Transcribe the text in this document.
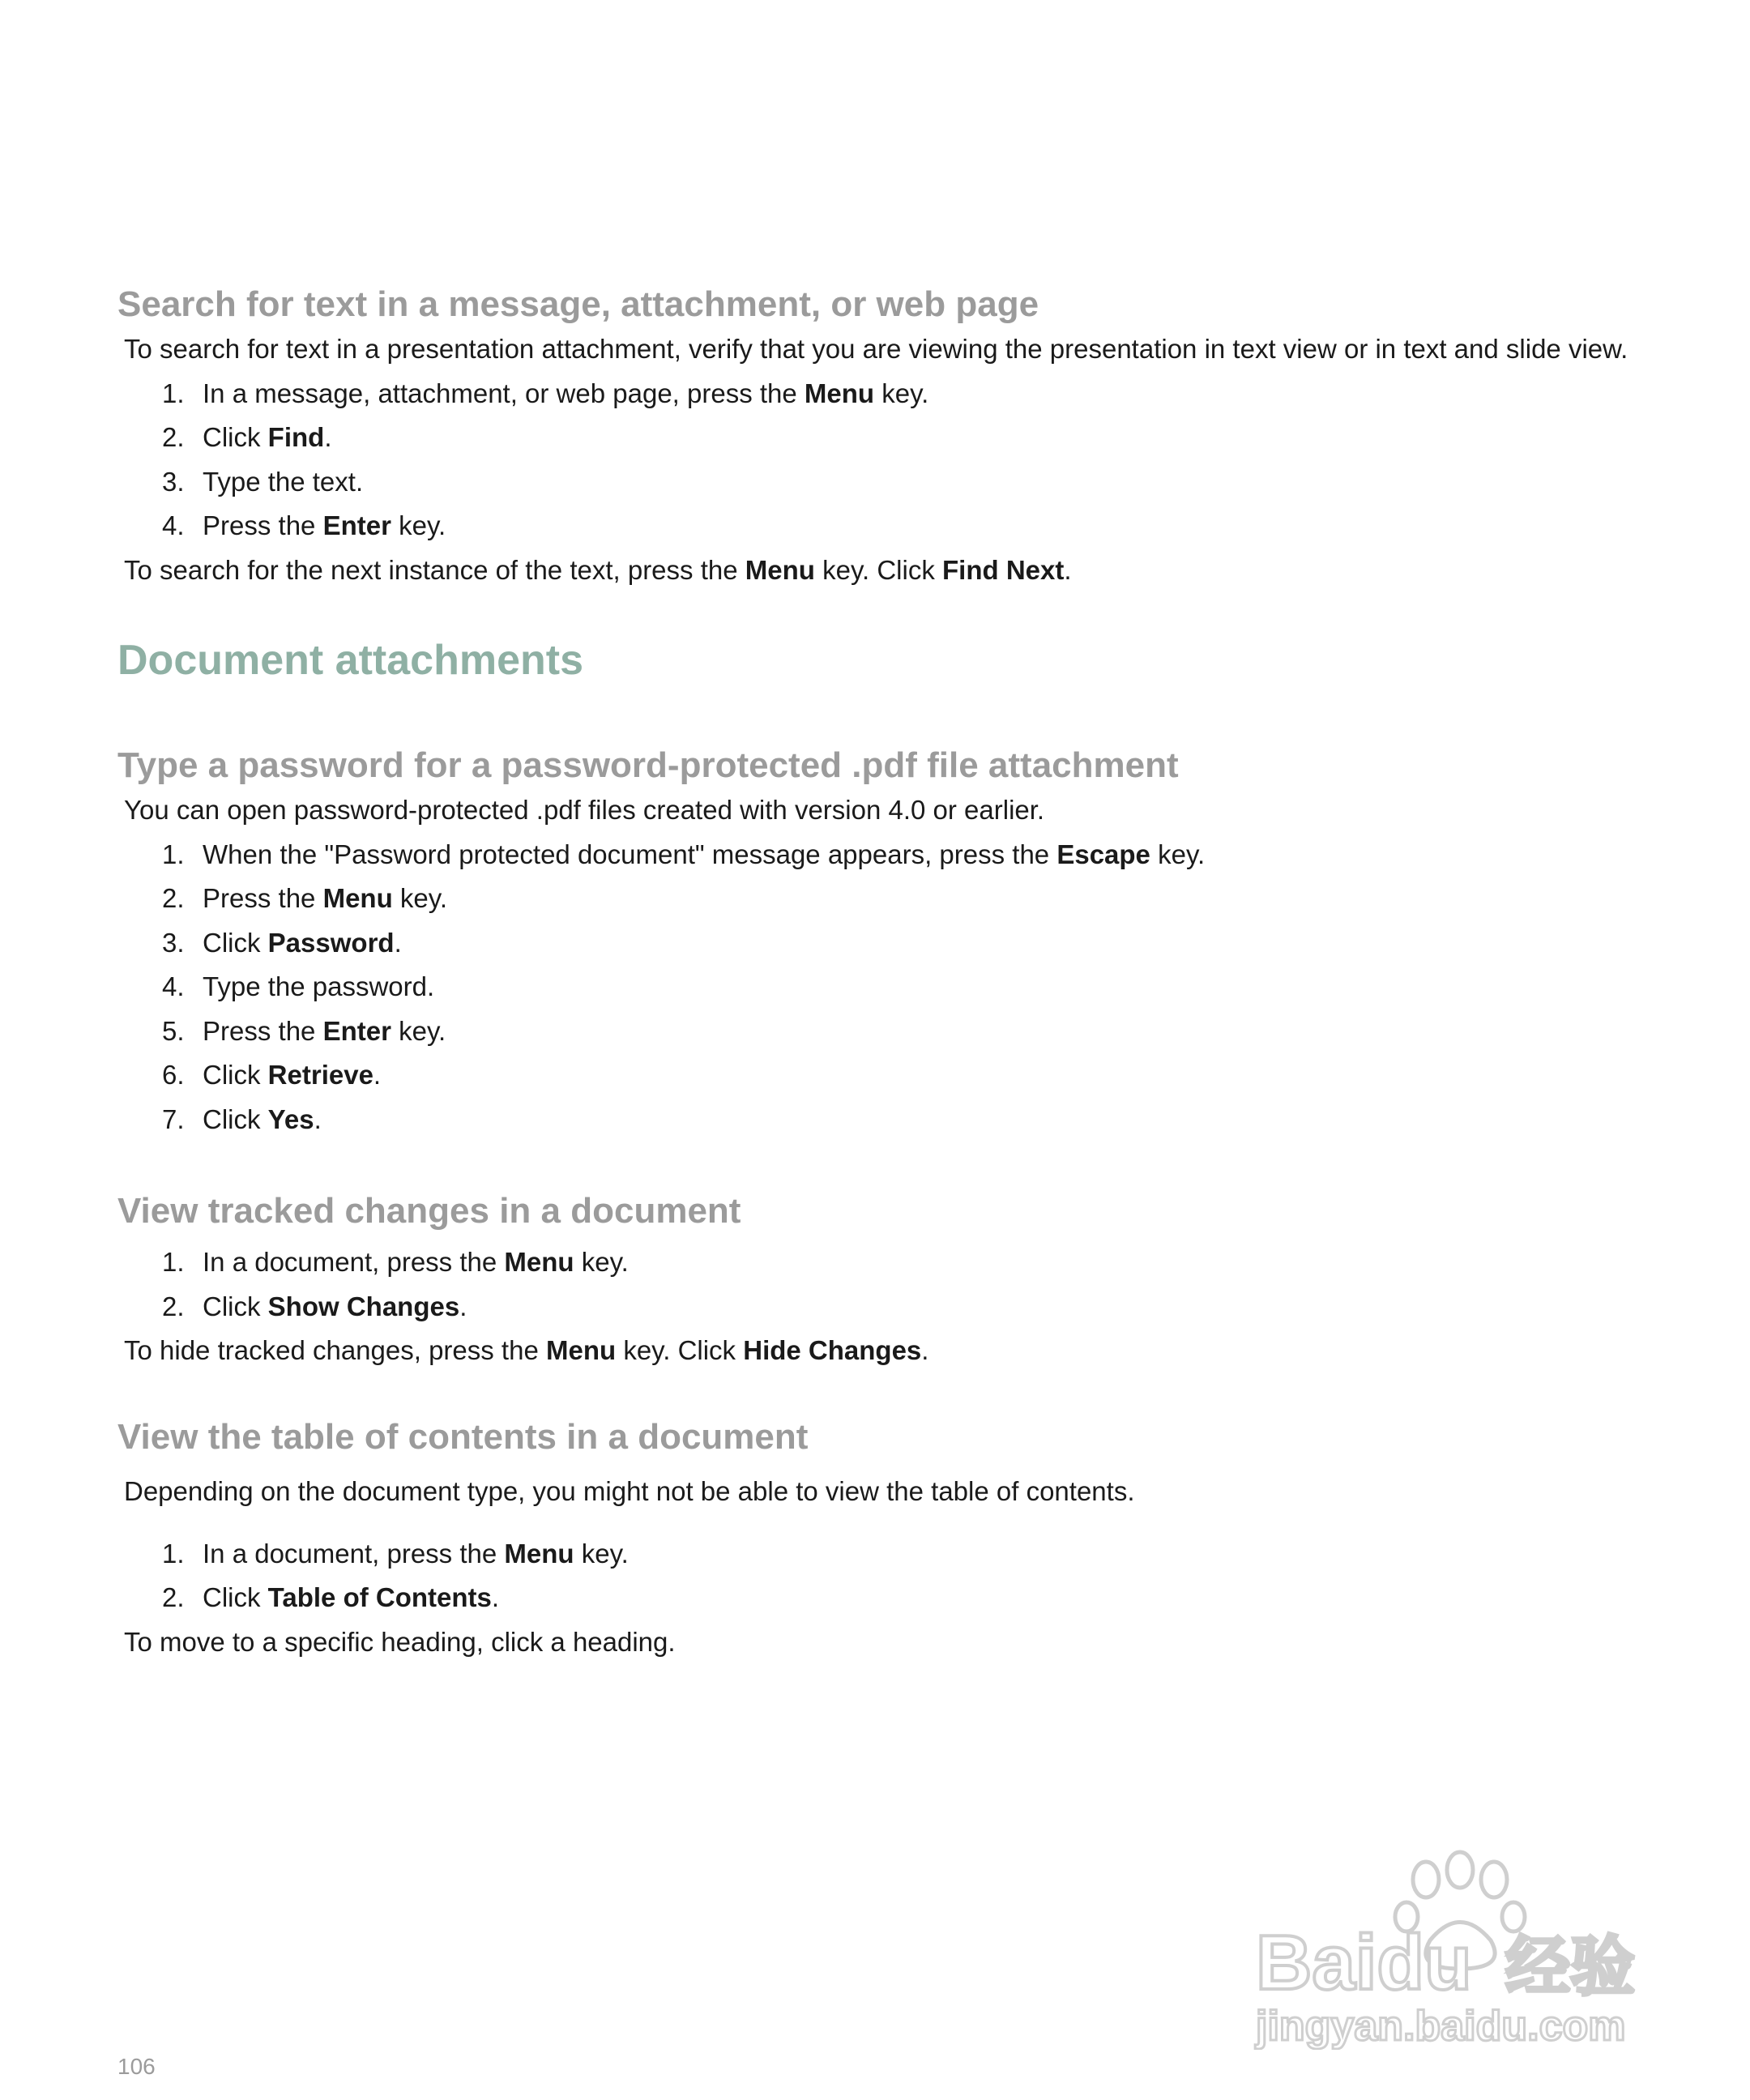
Search for text in a message, attachment, or web page

To search for text in a presentation attachment, verify that you are viewing the presentation in text view or in text and slide view.

1. In a message, attachment, or web page, press the Menu key.
2. Click Find.
3. Type the text.
4. Press the Enter key.

To search for the next instance of the text, press the Menu key. Click Find Next.

Document attachments
Type a password for a password-protected .pdf file attachment

You can open password-protected .pdf files created with version 4.0 or earlier.

1. When the "Password protected document" message appears, press the Escape key.
2. Press the Menu key.
3. Click Password.
4. Type the password.
5. Press the Enter key.
6. Click Retrieve.
7. Click Yes.
View tracked changes in a document
1. In a document, press the Menu key.
2. Click Show Changes.

To hide tracked changes, press the Menu key. Click Hide Changes.

View the table of contents in a document

Depending on the document type, you might not be able to view the table of contents.

1. In a document, press the Menu key.
2. Click Table of Contents.

To move to a specific heading, click a heading.

106
Baidu 经验
jingyan.baidu.com
